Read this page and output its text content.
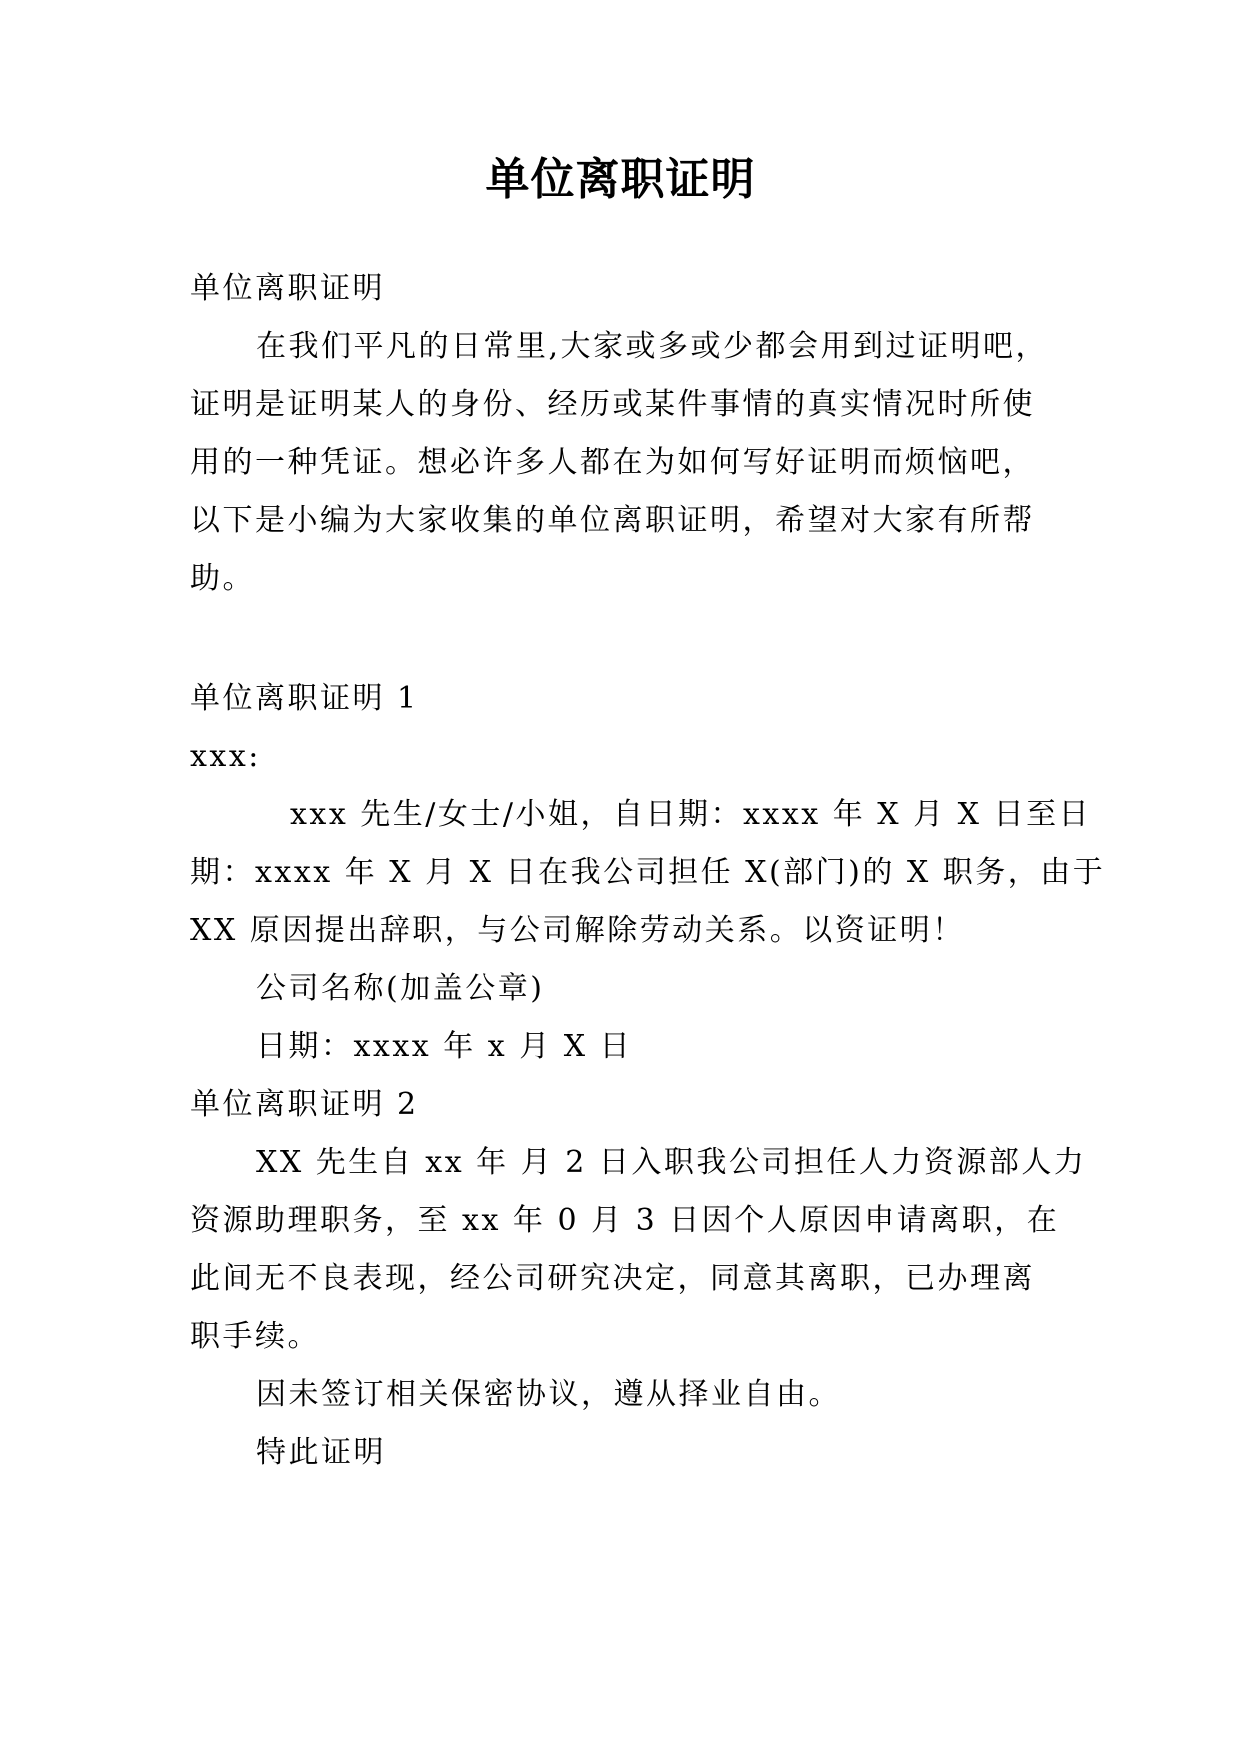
单位离职证明

单位离职证明

在我们平凡的日常里,大家或多或少都会用到过证明吧，

证明是证明某人的身份、经历或某件事情的真实情况时所使

用的一种凭证。想必许多人都在为如何写好证明而烦恼吧，

以下是小编为大家收集的单位离职证明，希望对大家有所帮

助。

单位离职证明 1

xxx:

xxx 先生/女士/小姐，自日期：xxxx 年 X 月 X 日至日

期：xxxx 年 X 月 X 日在我公司担任 X(部门)的 X 职务，由于

XX 原因提出辞职，与公司解除劳动关系。以资证明！

公司名称(加盖公章)

日期：xxxx 年 x 月 X 日

单位离职证明 2

XX 先生自 xx 年 月 2 日入职我公司担任人力资源部人力

资源助理职务，至 xx 年 0 月 3 日因个人原因申请离职，在

此间无不良表现，经公司研究决定，同意其离职，已办理离

职手续。

因未签订相关保密协议，遵从择业自由。

特此证明
